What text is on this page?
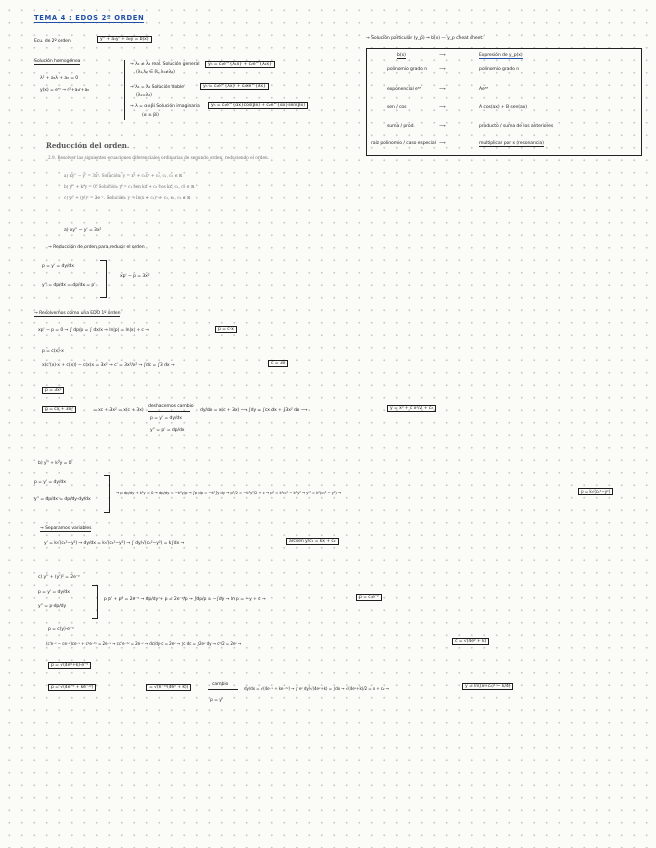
TEMA 4 : EDOS 2º ORDEN
Ecu. de 2º orden	y'' + a₁y' + a₀y = b(x)
Solución homogénea
λ² + a₁λ + a₀ = 0
y(x) = eʳˣ → r²+a₁r+a₀
→ λ₁ ≠ λ₂ real. Solución general
(λ₁,λ₂ ∈ ℝ, λ₁≠λ₂)
yₕ = c₁e^{λ₁x} + c₂e^{λ₂x}
→ λ₁ = λ₂ Solución doble
(λ₁=λ₂)
yₕ = c₁e^{λx} + c₂xe^{λx}
→ λ = α±βi Solución imaginaria
(α ± βi)
yₕ = c₁e^{αx}cos(βx) + c₂e^{αx}sen(βx)
→ Solución particular (y_p) ⇒ b(x) — y_p cheat sheet:
b(x)	⟶	Expresión de y_p(x)
polinomio grado n	⟶	polinomio grado n
exponencial eᵃˣ	⟶	Aeᵃˣ
sen / cos	⟶	A cos(ax) + B sen(ax)
suma / prod.	⟶	producto / suma de los anteriores
raíz polinomio / caso especial ⟶	multiplicar por x (resonancia)
Reducción del orden.
2.9. Resolver las siguientes ecuaciones diferenciales ordinarias de segundo orden, reduciendo el orden.
a) xy'' − y' = 3x². Solución: y = x³ + c₁x² + c₂, c₁, c₂ ∈ ℝ
b) y'' + k²y = 0. Solución: y = c₁ sen kx + c₂ cos kx, c₁, c₂ ∈ ℝ
c) y'' + (y')² = 2e⁻ʸ. Solución: y = ln(x + c₁)² + c₂, c₁, c₂ ∈ ℝ
a) xy'' − y' = 3x²
→ Reducción de orden para reducir el orden
p = y' = dy/dx
y'' = dp/dx = dp/dx = p'
xp' − p = 3x²
→ Resolvemos como una EDO 1º orden
xp' − p = 0 → ∫ dp/p = ∫ dx/x → ln|p| = ln|x| + c →	p = c·x
p = c(x)·x
x(c'(x)·x + c(x)) − c(x)x = 3x² → c' = 3x²/x² → ∫dc = ∫3 dx →	c = 3x
p = 3x²
p = cx + 3x²	= xc + 3x² = x(c + 3x)
deshacemos cambio
p = y' = dy/dx
y'' = p' = dp/dx
dy/dx = x(c + 3x) ⟶ ∫dy = ∫cx dx + ∫3x² dx ⟶	y = x³ + c x²/2 + c₂
b) y'' + k²y = 0
p = y' = dy/dx
y'' = dp/dx = dp/dy·dy/dx
→ p dp/dy + k²y = 0 → dp/dy = −k²y/p → ∫p dp = −k²∫y dy → p²/2 = −k²y²/2 + c → p² = k²c₁² − k²y² → y'² = k²(c₁² − y²) →	p = k√(c₁²−y²)
→ Separamos variables
y' = k√(c₁²−y²) → dy/dx = k√(c₁²−y²) → ∫ dy/√(c₁²−y²) = k∫dx →	arcsen y/c₁ = kx + c₂
c) y'' + (y')² = 2e⁻ʸ
p = y' = dy/dx
y'' = p·dp/dy
p p' + p² = 2e⁻ʸ → dp/dy + p = 2e⁻ʸ/p → ∫dp/p = −∫dy → ln p = −y + c →	p = c·e⁻ʸ
p = c(y)·e⁻ʸ
(c'e⁻ʸ − ce⁻ʸ)ce⁻ʸ + c²e⁻²ʸ = 2e⁻ʸ → cc'e⁻²ʸ = 2e⁻ʸ → dc/dy·c = 2eʸ → ∫c dc = ∫2eʸ dy → c²/2 = 2eʸ →	c = √(4eʸ + k)
p = √(4eʸ+k)·e⁻ʸ
p = √(4e⁻ʸ + ke⁻²ʸ)	= √(e⁻²ʸ(4eʸ + k))
cambio
p = y'
dy/dx = √(4e⁻ʸ + ke⁻²ʸ) → ∫ eʸ dy/√(4eʸ+k) = ∫dx → √(4eʸ+k)/2 = x + c₂ →	y = ln((x+c₂)² − k/4)
